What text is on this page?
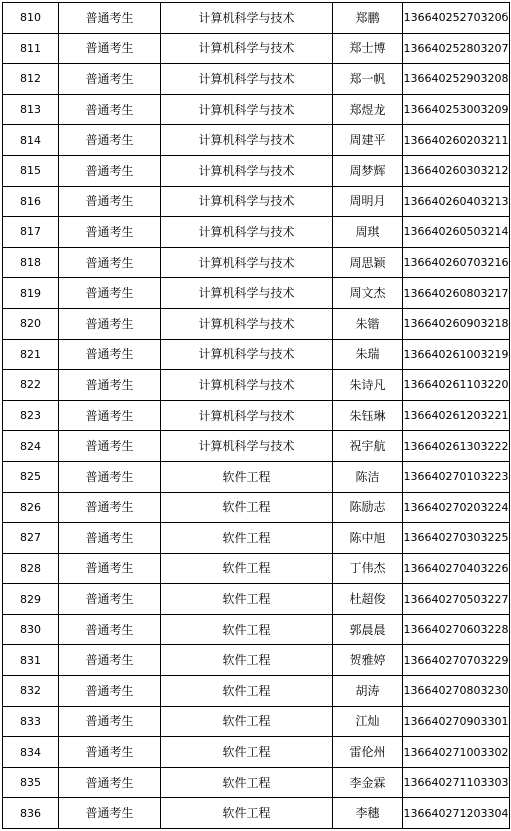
810	普通考生	计算机科学与技术	郑鹏	13664025270320б
811	普通考生	计算机科学与技术	郑士博	136640252803207
812	普通考生	计算机科学与技术	郑一帆	136640252903208
813	普通考生	计算机科学与技术	郑煜龙	136640253003209
814	普通考生	计算机科学与技术	周建平	136640260203211
815	普通考生	计算机科学与技术	周梦辉	136640260303212
816	普通考生	计算机科学与技术	周明月	136640260403213
817	普通考生	计算机科学与技术	周琪	136640260503214
818	普通考生	计算机科学与技术	周思颖	136640260703216
819	普通考生	计算机科学与技术	周文杰	136640260803217
820	普通考生	计算机科学与技术	朱锴	136640260903218
821	普通考生	计算机科学与技术	朱瑞	136640261003219
822	普通考生	计算机科学与技术	朱诗凡	136640261103220
823	普通考生	计算机科学与技术	朱钰琳	136640261203221
824	普通考生	计算机科学与技术	祝宇航	136640261303222
825	普通考生	软件工程	陈洁	136640270103223
826	普通考生	软件工程	陈励志	136640270203224
827	普通考生	软件工程	陈中旭	136640270303225
828	普通考生	软件工程	丁伟杰	136640270403226
829	普通考生	软件工程	杜超俊	136640270503227
830	普通考生	软件工程	郭晨晨	136640270603228
831	普通考生	软件工程	贺雅婷	136640270703229
832	普通考生	软件工程	胡涛	136640270803230
833	普通考生	软件工程	江灿	136640270903301
834	普通考生	软件工程	雷伦州	136640271003302
835	普通考生	软件工程	李金霖	136640271103303
836	普通考生	软件工程	李穗	136640271203304
